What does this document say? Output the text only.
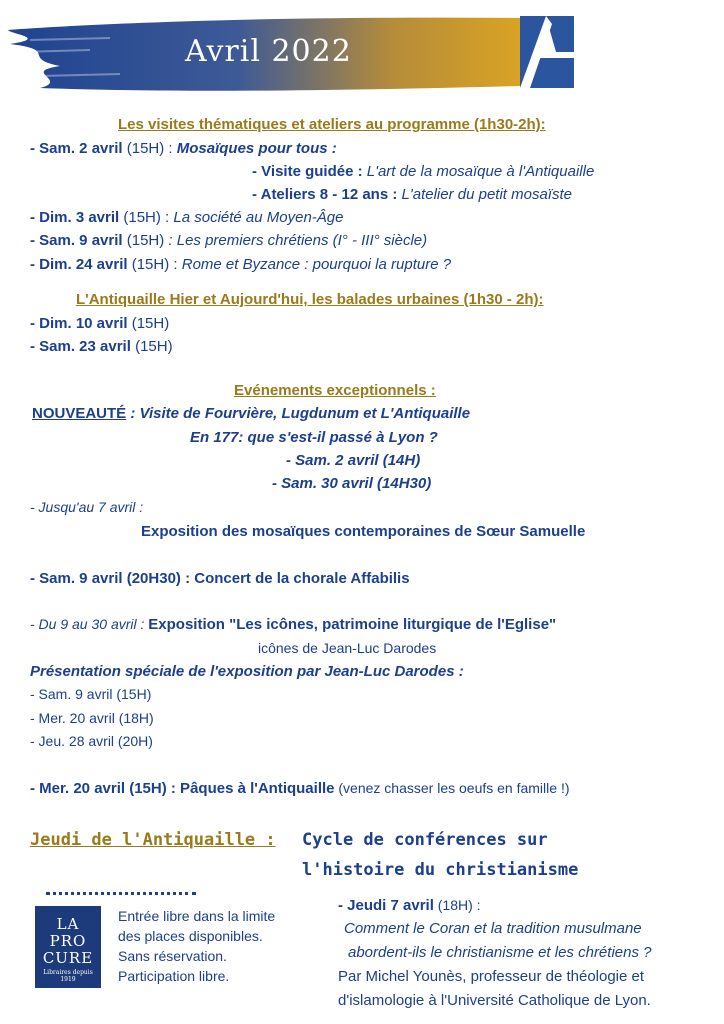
Avril 2022
Les visites thématiques et ateliers au programme (1h30-2h):
- Sam. 2 avril (15H) : Mosaïques pour tous :
- Visite guidée : L'art de la mosaïque à l'Antiquaille
- Ateliers 8 - 12 ans : L'atelier du petit mosaïste
- Dim. 3 avril (15H) : La société au Moyen-Âge
- Sam. 9 avril (15H) : Les premiers chrétiens (I° - III° siècle)
- Dim. 24 avril (15H) : Rome et Byzance : pourquoi la rupture ?
L'Antiquaille Hier et Aujourd'hui, les balades urbaines (1h30 - 2h):
- Dim. 10 avril (15H)
- Sam. 23 avril (15H)
Evénements exceptionnels :
NOUVEAUTÉ : Visite de Fourvière, Lugdunum et L'Antiquaille
En 177: que s'est-il passé à Lyon ?
- Sam. 2 avril (14H)
- Sam. 30 avril (14H30)
- Jusqu'au 7 avril :
Exposition des mosaïques contemporaines de Sœur Samuelle
- Sam. 9 avril (20H30) : Concert de la chorale Affabilis
- Du 9 au 30 avril : Exposition "Les icônes, patrimoine liturgique de l'Eglise"
icônes de Jean-Luc Darodes
Présentation spéciale de l'exposition par Jean-Luc Darodes :
- Sam. 9 avril (15H)
- Mer. 20 avril (18H)
- Jeu. 28 avril (20H)
- Mer. 20 avril (15H) : Pâques à l'Antiquaille (venez chasser les oeufs en famille !)
Jeudi de l'Antiquaille : Cycle de conférences sur
l'histoire du christianisme
LA
PRO
CURE
Libraires depuis 1919
Entrée libre dans la limite
des places disponibles.
Sans réservation.
Participation libre.
- Jeudi 7 avril (18H) :
Comment le Coran et la tradition musulmane
abordent-ils le christianisme et les chrétiens ?
Par Michel Younès, professeur de théologie et
d'islamologie à l'Université Catholique de Lyon.
